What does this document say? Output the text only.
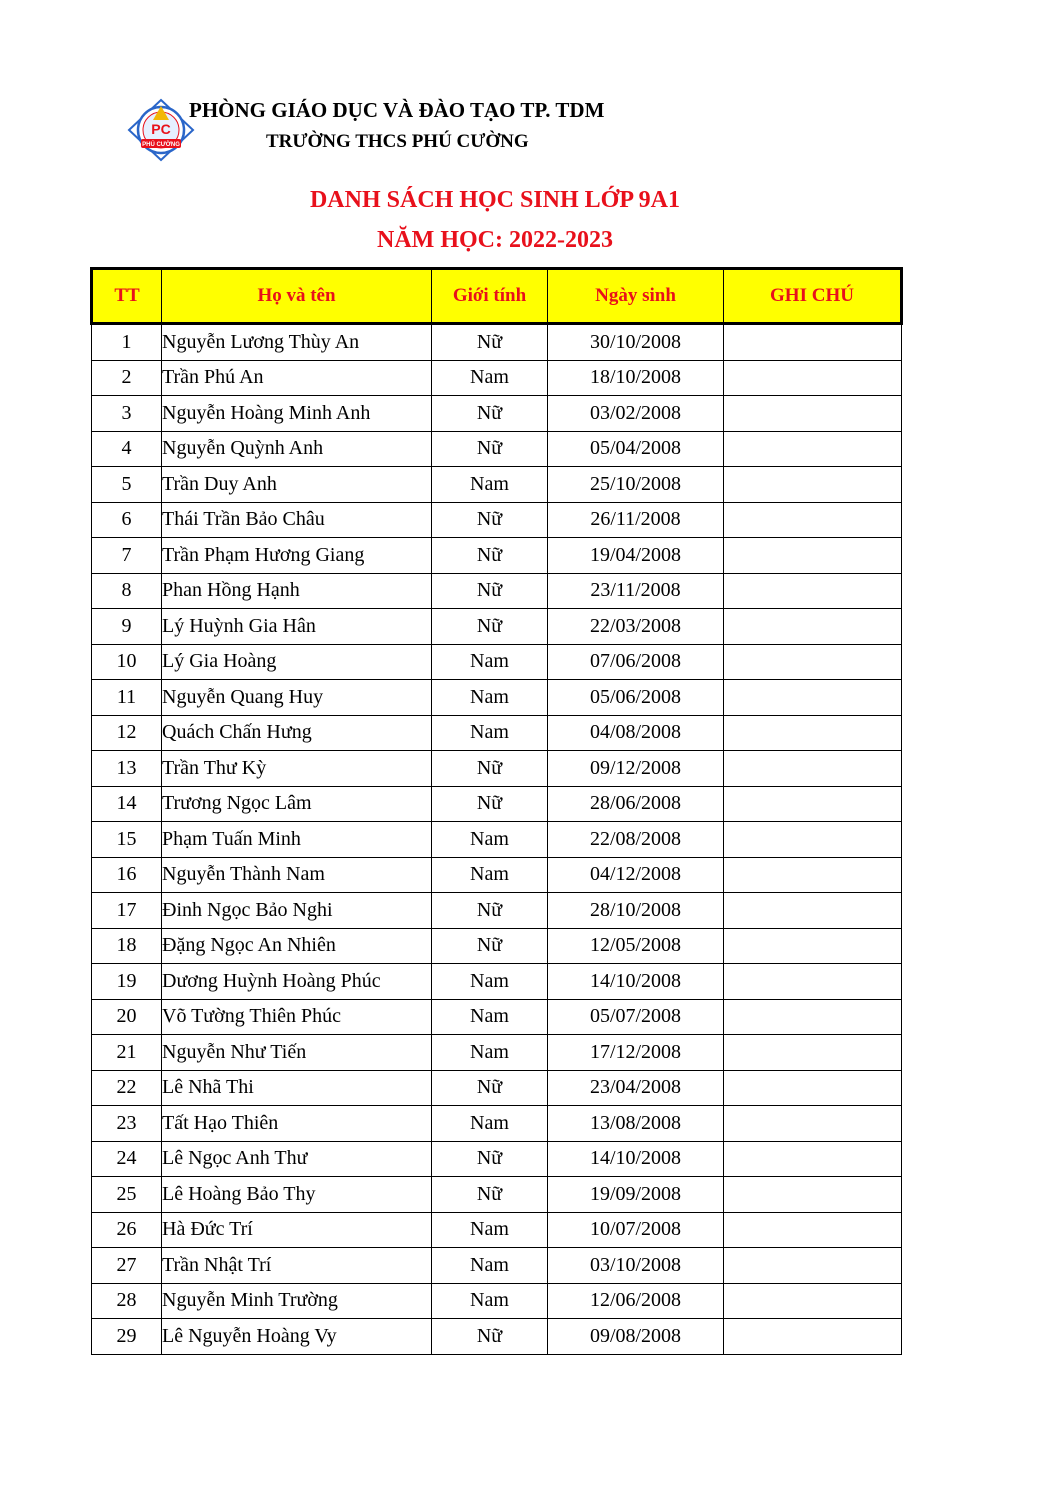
PC
PHÚ CƯỜNG
PHÒNG GIÁO DỤC VÀ ĐÀO TẠO TP. TDM
TRƯỜNG THCS PHÚ CƯỜNG
DANH SÁCH HỌC SINH LỚP 9A1
NĂM HỌC: 2022-2023
TT	Họ và tên	Giới tính	Ngày sinh	GHI CHÚ
1	Nguyễn Lương Thùy An	Nữ	30/10/2008	
2	Trần Phú An	Nam	18/10/2008	
3	Nguyễn Hoàng Minh Anh	Nữ	03/02/2008	
4	Nguyễn Quỳnh Anh	Nữ	05/04/2008	
5	Trần Duy Anh	Nam	25/10/2008	
6	Thái Trần Bảo Châu	Nữ	26/11/2008	
7	Trần Phạm Hương Giang	Nữ	19/04/2008	
8	Phan Hồng Hạnh	Nữ	23/11/2008	
9	Lý Huỳnh Gia Hân	Nữ	22/03/2008	
10	Lý Gia Hoàng	Nam	07/06/2008	
11	Nguyễn Quang Huy	Nam	05/06/2008	
12	Quách Chấn Hưng	Nam	04/08/2008	
13	Trần Thư Kỳ	Nữ	09/12/2008	
14	Trương Ngọc Lâm	Nữ	28/06/2008	
15	Phạm Tuấn Minh	Nam	22/08/2008	
16	Nguyễn Thành Nam	Nam	04/12/2008	
17	Đinh Ngọc Bảo Nghi	Nữ	28/10/2008	
18	Đặng Ngọc An Nhiên	Nữ	12/05/2008	
19	Dương Huỳnh Hoàng Phúc	Nam	14/10/2008	
20	Võ Tường Thiên Phúc	Nam	05/07/2008	
21	Nguyễn Như Tiến	Nam	17/12/2008	
22	Lê Nhã Thi	Nữ	23/04/2008	
23	Tất Hạo Thiên	Nam	13/08/2008	
24	Lê Ngọc Anh Thư	Nữ	14/10/2008	
25	Lê Hoàng Bảo Thy	Nữ	19/09/2008	
26	Hà Đức Trí	Nam	10/07/2008	
27	Trần Nhật Trí	Nam	03/10/2008	
28	Nguyễn Minh Trường	Nam	12/06/2008	
29	Lê Nguyễn Hoàng Vy	Nữ	09/08/2008	
